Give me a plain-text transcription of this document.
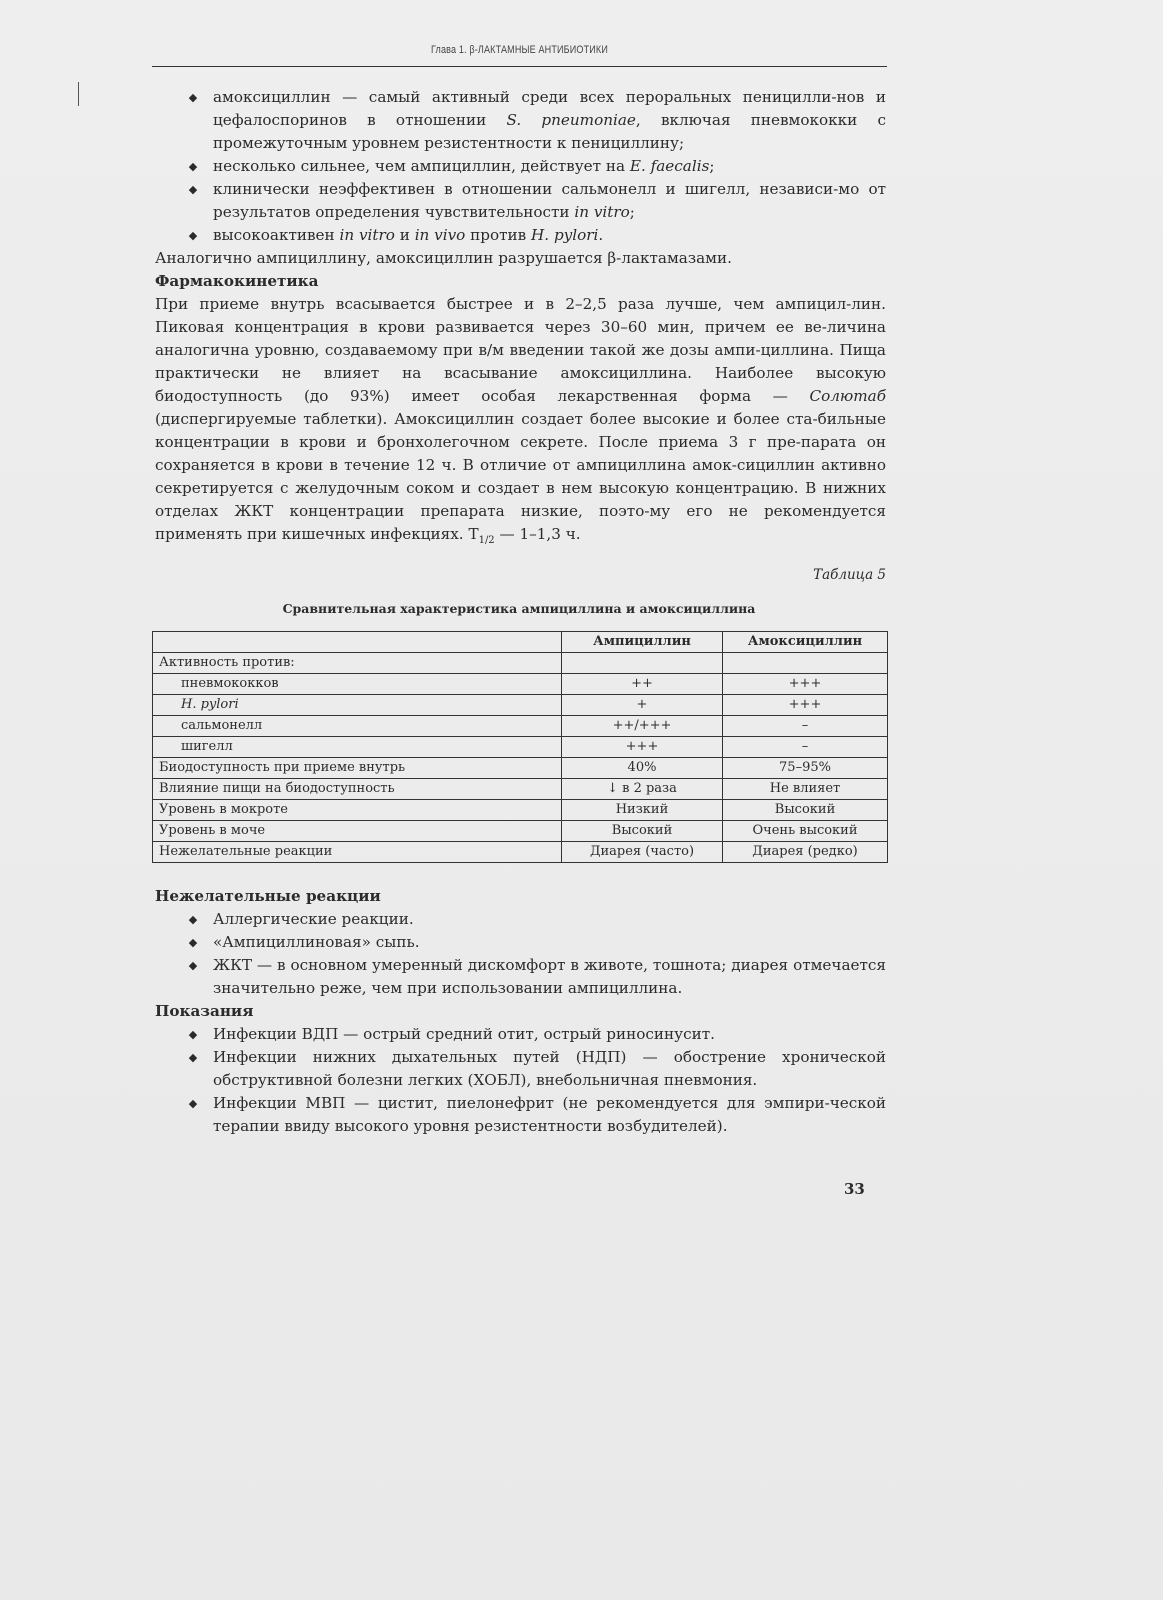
Глава 1. β-ЛАКТАМНЫЕ АНТИБИОТИКИ
◆	амоксициллин — самый активный среди всех пероральных пеницилли-нов и цефалоспоринов в отношении S. pneumoniae, включая пневмококки с промежуточным уровнем резистентности к пенициллину;
◆	несколько сильнее, чем ампициллин, действует на E. faecalis;
◆	клинически неэффективен в отношении сальмонелл и шигелл, независи-мо от результатов определения чувствительности in vitro;
◆	высокоактивен in vitro и in vivo против H. pylori.

Аналогично ампициллину, амоксициллин разрушается β-лактамазами.

Фармакокинетика

При приеме внутрь всасывается быстрее и в 2–2,5 раза лучше, чем ампицил-лин. Пиковая концентрация в крови развивается через 30–60 мин, причем ее ве-личина аналогична уровню, создаваемому при в/м введении такой же дозы ампи-циллина. Пища практически не влияет на всасывание амоксициллина. Наиболее высокую биодоступность (до 93%) имеет особая лекарственная форма — Солютаб (диспергируемые таблетки). Амоксициллин создает более высокие и более ста-бильные концентрации в крови и бронхолегочном секрете. После приема 3 г пре-парата он сохраняется в крови в течение 12 ч. В отличие от ампициллина амок-сициллин активно секретируется с желудочным соком и создает в нем высокую концентрацию. В нижних отделах ЖКТ концентрации препарата низкие, поэто-му его не рекомендуется применять при кишечных инфекциях. $T_{1/2}$ — 1–1,3 ч.

Таблица 5
Сравнительная характеристика ампициллина и амоксициллина
	Ампициллин	Амоксициллин
Активность против:		
пневмококков	++	+++
H. pylori	+	+++
сальмонелл	++/+++	–
шигелл	+++	–
Биодоступность при приеме внутрь	40%	75–95%
Влияние пищи на биодоступность	↓ в 2 раза	Не влияет
Уровень в мокроте	Низкий	Высокий
Уровень в моче	Высокий	Очень высокий
Нежелательные реакции	Диарея (часто)	Диарея (редко)

Нежелательные реакции

◆	Аллергические реакции.
◆	«Ампициллиновая» сыпь.
◆	ЖКТ — в основном умеренный дискомфорт в животе, тошнота; диарея отмечается значительно реже, чем при использовании ампициллина.

Показания

◆	Инфекции ВДП — острый средний отит, острый риносинусит.
◆	Инфекции нижних дыхательных путей (НДП) — обострение хронической обструктивной болезни легких (ХОБЛ), внебольничная пневмония.
◆	Инфекции МВП — цистит, пиелонефрит (не рекомендуется для эмпири-ческой терапии ввиду высокого уровня резистентности возбудителей).
33
